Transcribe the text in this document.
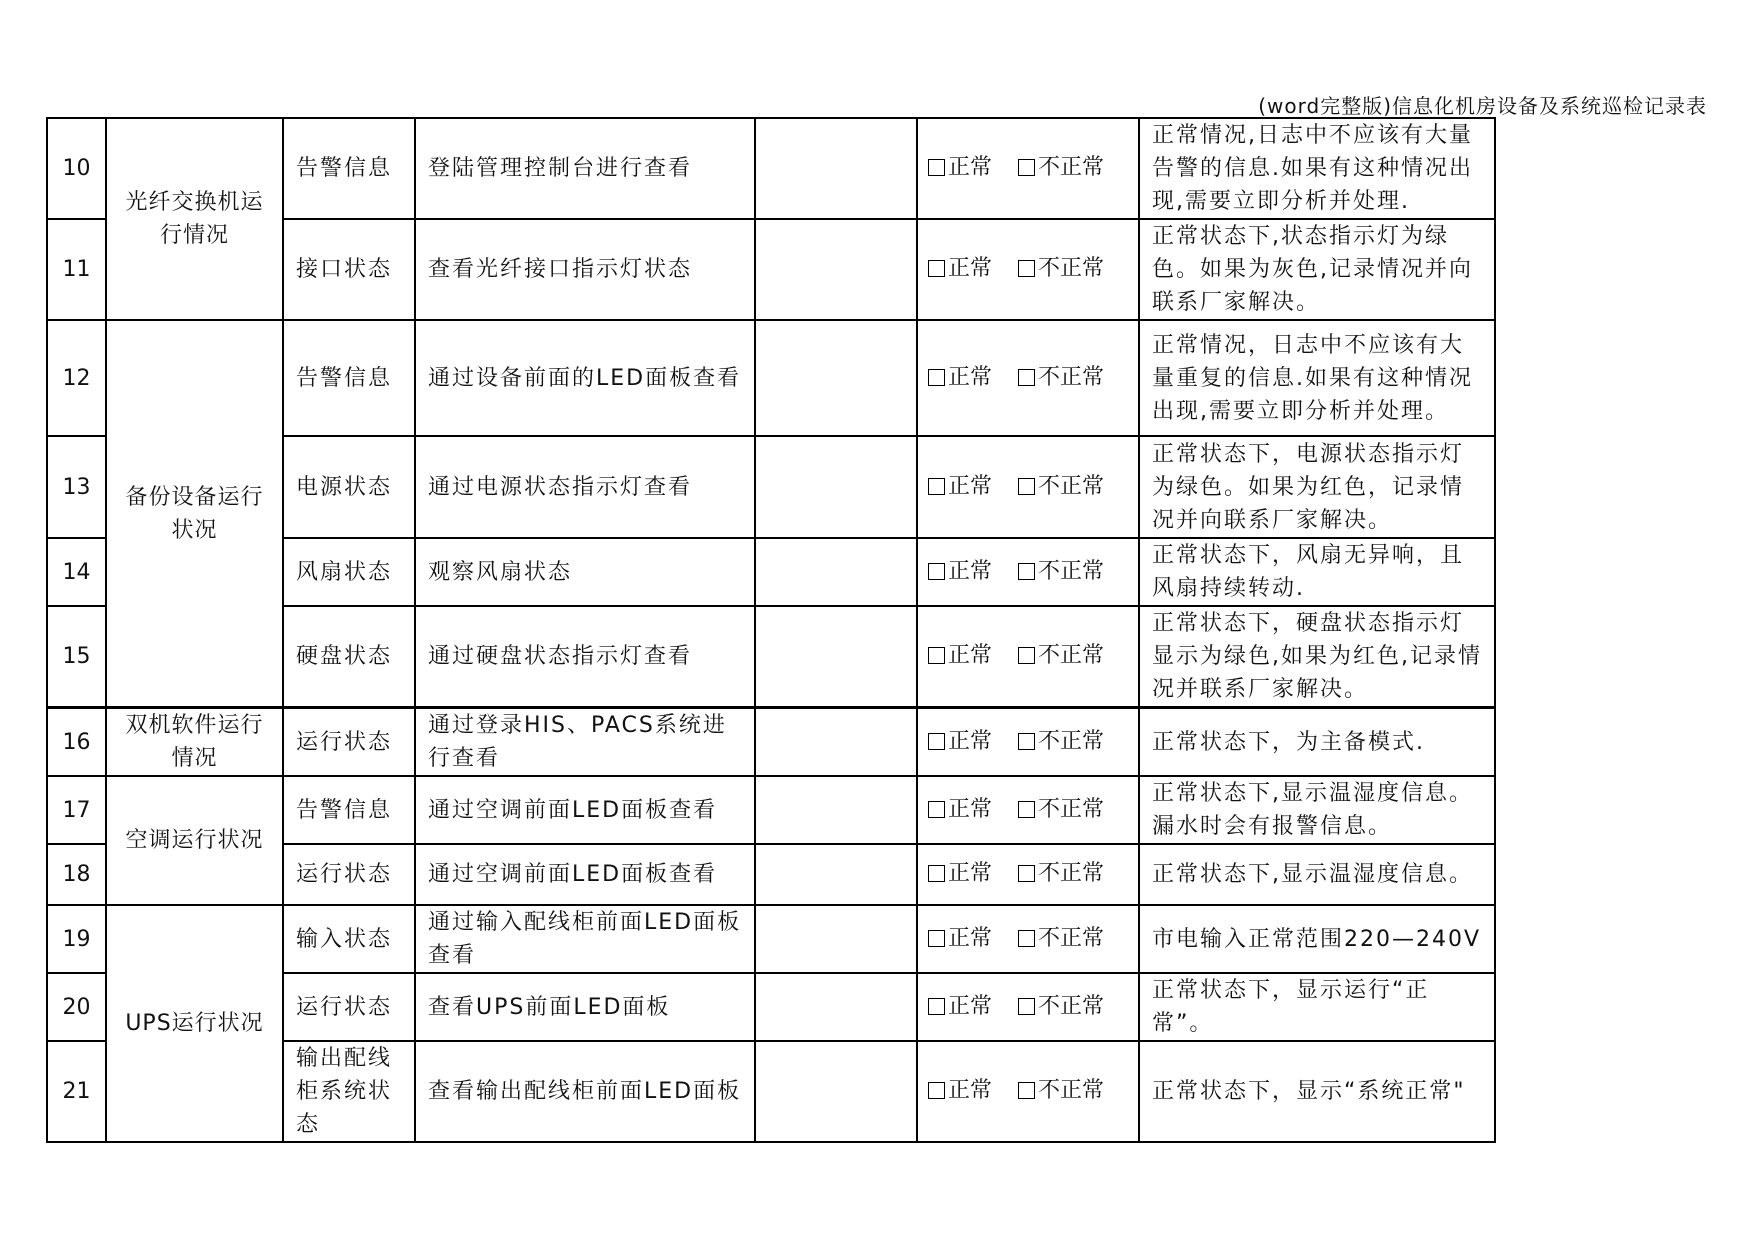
(word完整版)信息化机房设备及系统巡检记录表
10	光纤交换机运行情况	告警信息	登陆管理控制台进行查看		正常 不正常	正常情况,日志中不应该有大量告警的信息.如果有这种情况出现,需要立即分析并处理.
11		接口状态	查看光纤接口指示灯状态		正常 不正常	正常状态下,状态指示灯为绿色。如果为灰色,记录情况并向联系厂家解决。
12	备份设备运行状况	告警信息	通过设备前面的LED面板查看		正常 不正常	正常情况，日志中不应该有大量重复的信息.如果有这种情况出现,需要立即分析并处理。
13		电源状态	通过电源状态指示灯查看		正常 不正常	正常状态下，电源状态指示灯为绿色。如果为红色，记录情况并向联系厂家解决。
14		风扇状态	观察风扇状态		正常 不正常	正常状态下，风扇无异响，且风扇持续转动.
15		硬盘状态	通过硬盘状态指示灯查看		正常 不正常	正常状态下，硬盘状态指示灯显示为绿色,如果为红色,记录情况并联系厂家解决。
16	双机软件运行情况	运行状态	通过登录HIS、PACS系统进行查看		正常 不正常	正常状态下，为主备模式.
17	空调运行状况	告警信息	通过空调前面LED面板查看		正常 不正常	正常状态下,显示温湿度信息。漏水时会有报警信息。
18		运行状态	通过空调前面LED面板查看		正常 不正常	正常状态下,显示温湿度信息。
19	UPS运行状况	输入状态	通过输入配线柜前面LED面板查看		正常 不正常	市电输入正常范围220—240V
20		运行状态	查看UPS前面LED面板		正常 不正常	正常状态下，显示运行“正常”。
21		输出配线柜系统状态	查看输出配线柜前面LED面板		正常 不正常	正常状态下，显示“系统正常"
